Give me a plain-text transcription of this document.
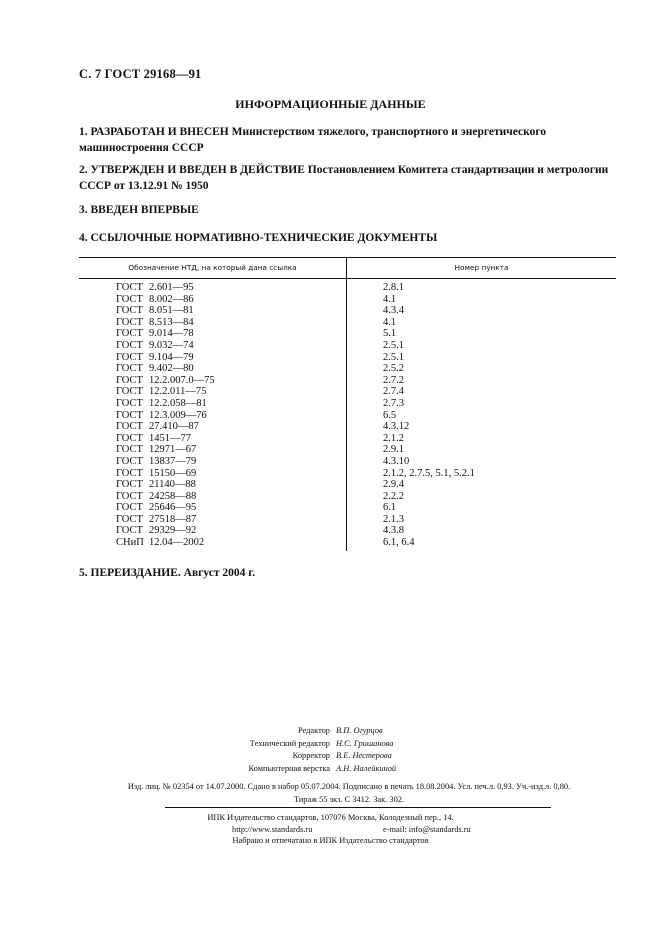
С. 7 ГОСТ 29168—91
ИНФОРМАЦИОННЫЕ ДАННЫЕ
1. РАЗРАБОТАН И ВНЕСЕН Министерством тяжелого, транспортного и энергетического машиностроения СССР
2. УТВЕРЖДЕН И ВВЕДЕН В ДЕЙСТВИЕ Постановлением Комитета стандартизации и метрологии СССР от 13.12.91 № 1950
3. ВВЕДЕН ВПЕРВЫЕ
4. ССЫЛОЧНЫЕ НОРМАТИВНО-ТЕХНИЧЕСКИЕ ДОКУМЕНТЫ
Обозначение НТД, на который дана ссылка	Номер пункта
ГОСТ 2.601—95
ГОСТ 8.002—86
ГОСТ 8.051—81
ГОСТ 8.513—84
ГОСТ 9.014—78
ГОСТ 9.032—74
ГОСТ 9.104—79
ГОСТ 9.402—80
ГОСТ 12.2.007.0—75
ГОСТ 12.2.011—75
ГОСТ 12.2.058—81
ГОСТ 12.3.009—76
ГОСТ 27.410—87
ГОСТ 1451—77
ГОСТ 12971—67
ГОСТ 13837—79
ГОСТ 15150—69
ГОСТ 21140—88
ГОСТ 24258—88
ГОСТ 25646—95
ГОСТ 27518—87
ГОСТ 29329—92
СНиП 12.04—2002
2.8.1
4.1
4.3.4
4.1
5.1
2.5.1
2.5.1
2.5.2
2.7.2
2.7.4
2.7.3
6.5
4.3.12
2.1.2
2.9.1
4.3.10
2.1.2, 2.7.5, 5.1, 5.2.1
2.9.4
2.2.2
6.1
2.1.3
4.3.8
6.1, 6.4
5. ПЕРЕИЗДАНИЕ. Август 2004 г.
Редактор В.П. Огурцов
Технический редактор Н.С. Гришанова
Корректор В.Е. Нестерова
Компьютерная верстка А.Н. Налейкиной
Изд. лиц. № 02354 от 14.07.2000. Сдано в набор 05.07.2004. Подписано в печать 18.08.2004. Усл. печ.л. 0,93. Уч.-изд.л. 0,80.
Тираж 55 экз. С 3412. Зак. 302.
ИПК Издательство стандартов, 107076 Москва, Колодезный пер., 14.
http://www.standards.ru	e-mail: info@standards.ru
Набрано и отпечатано в ИПК Издательство стандартов
